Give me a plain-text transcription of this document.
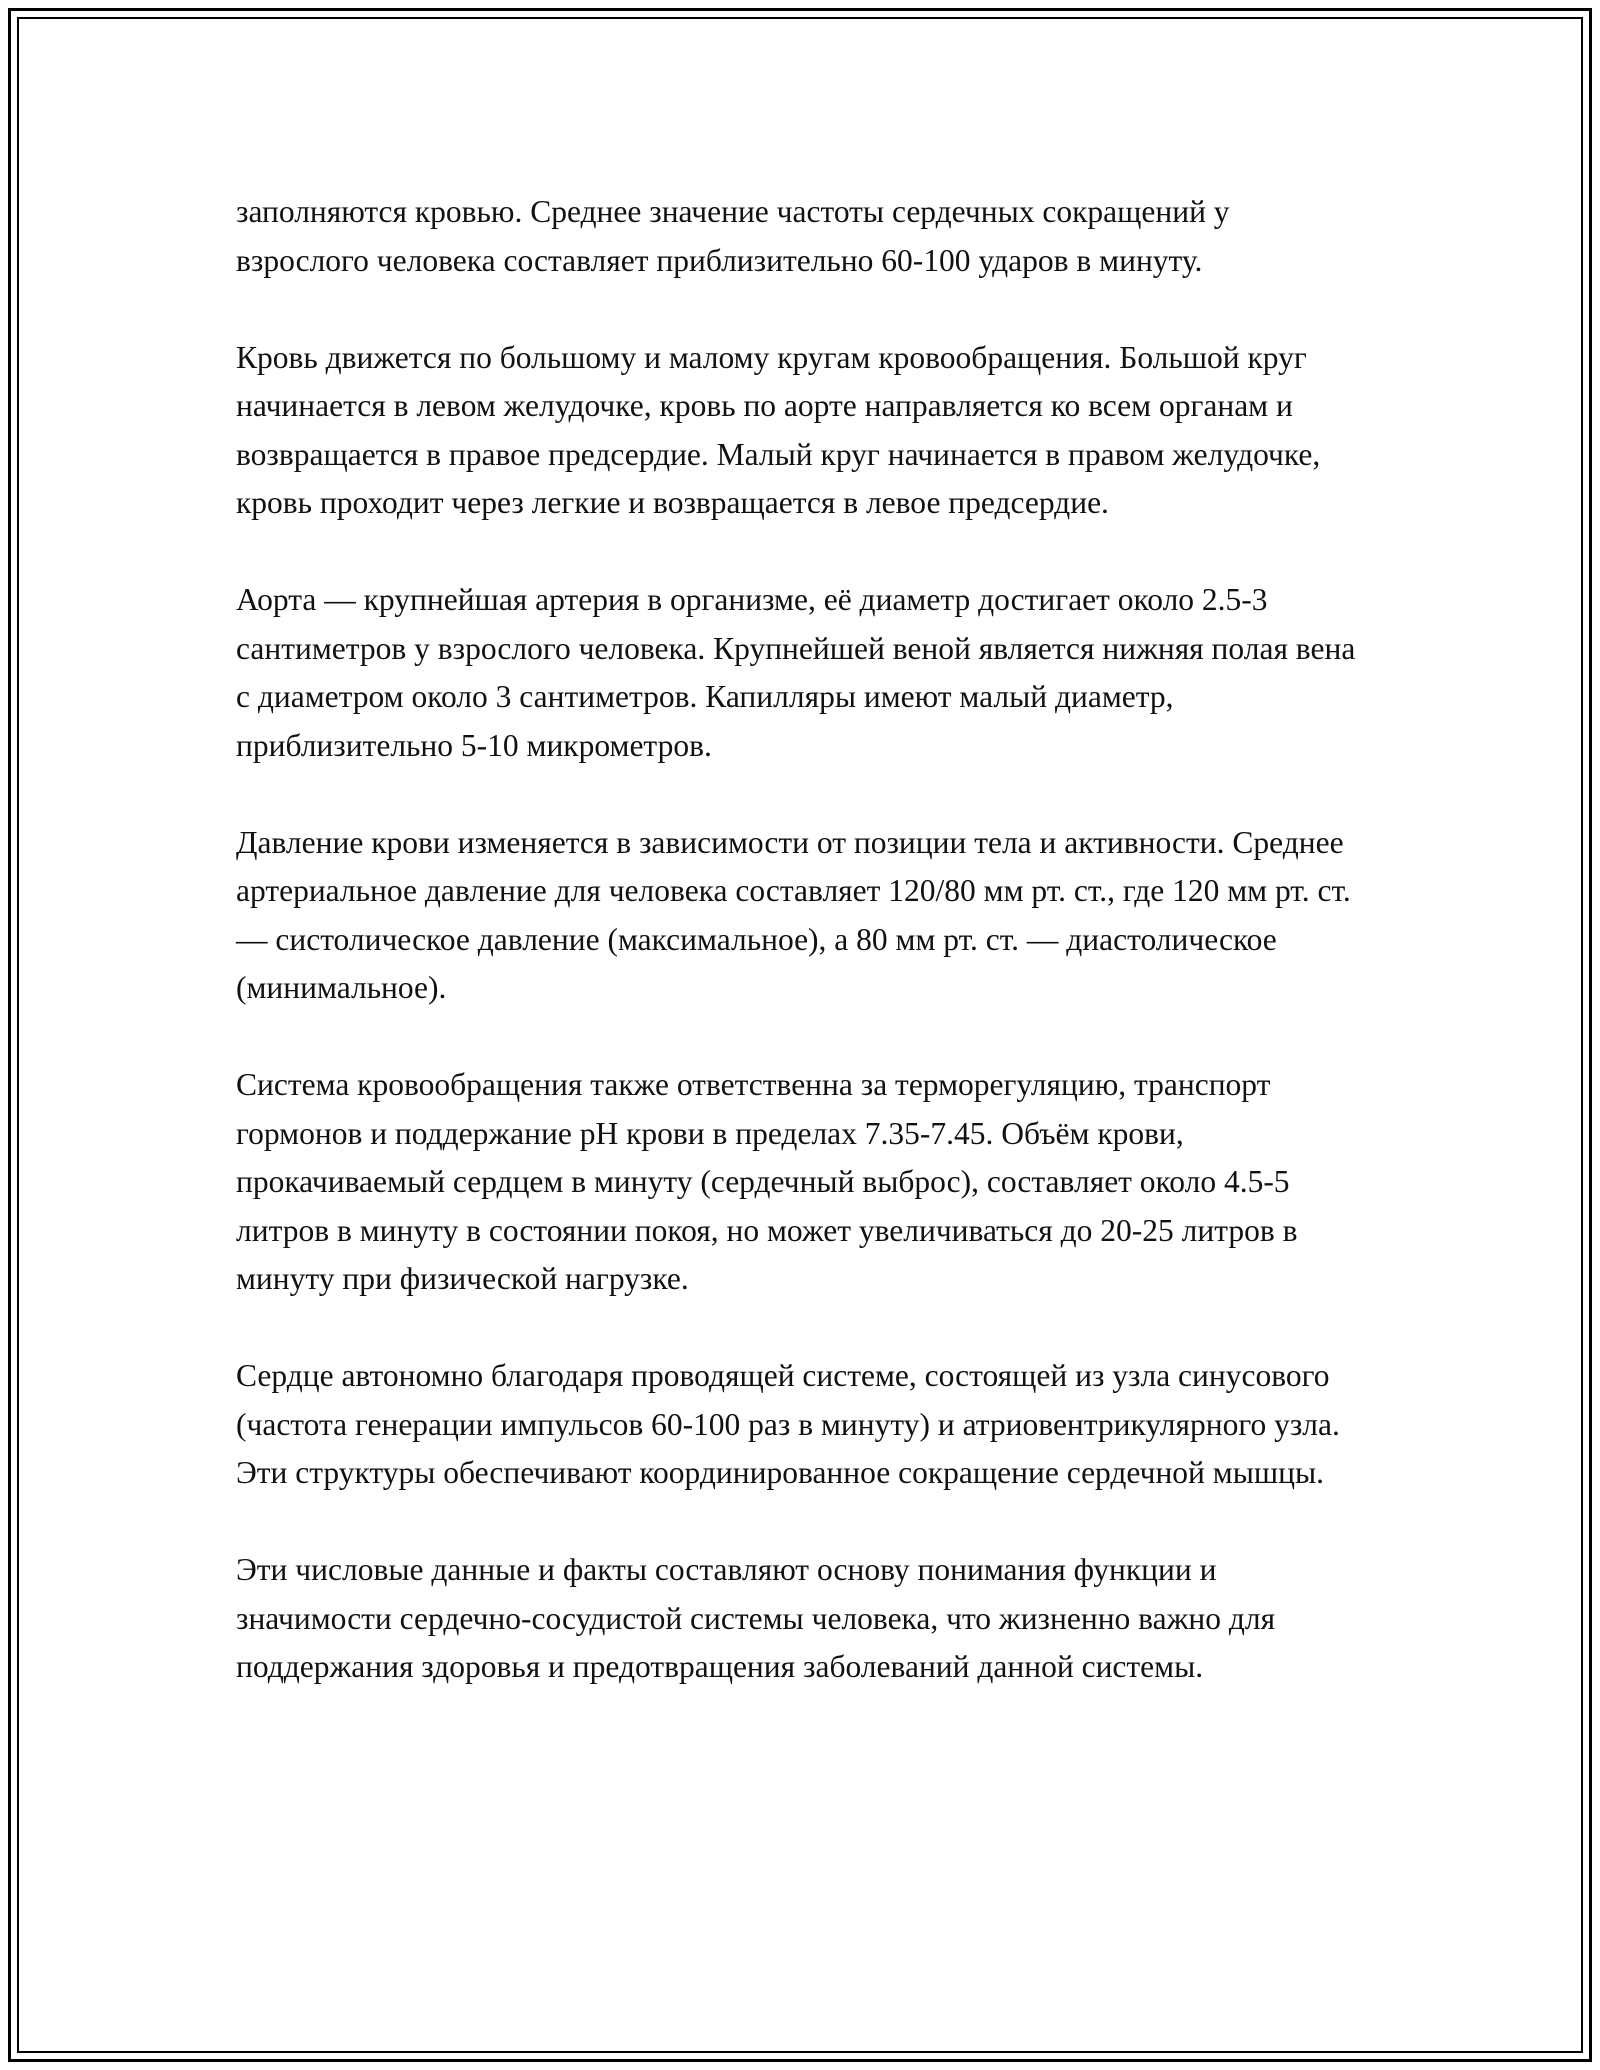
заполняются кровью. Среднее значение частоты сердечных сокращений у взрослого человека составляет приблизительно 60-100 ударов в минуту.

Кровь движется по большому и малому кругам кровообращения. Большой круг начинается в левом желудочке, кровь по аорте направляется ко всем органам и возвращается в правое предсердие. Малый круг начинается в правом желудочке, кровь проходит через легкие и возвращается в левое предсердие.

Аорта — крупнейшая артерия в организме, её диаметр достигает около 2.5-3 сантиметров у взрослого человека. Крупнейшей веной является нижняя полая вена с диаметром около 3 сантиметров. Капилляры имеют малый диаметр, приблизительно 5-10 микрометров.

Давление крови изменяется в зависимости от позиции тела и активности. Среднее артериальное давление для человека составляет 120/80 мм рт. ст., где 120 мм рт. ст. — систолическое давление (максимальное), а 80 мм рт. ст. — диастолическое (минимальное).

Система кровообращения также ответственна за терморегуляцию, транспорт гормонов и поддержание pH крови в пределах 7.35-7.45. Объём крови, прокачиваемый сердцем в минуту (сердечный выброс), составляет около 4.5-5 литров в минуту в состоянии покоя, но может увеличиваться до 20-25 литров в минуту при физической нагрузке.

Сердце автономно благодаря проводящей системе, состоящей из узла синусового (частота генерации импульсов 60-100 раз в минуту) и атриовентрикулярного узла. Эти структуры обеспечивают координированное сокращение сердечной мышцы.

Эти числовые данные и факты составляют основу понимания функции и значимости сердечно-сосудистой системы человека, что жизненно важно для поддержания здоровья и предотвращения заболеваний данной системы.
